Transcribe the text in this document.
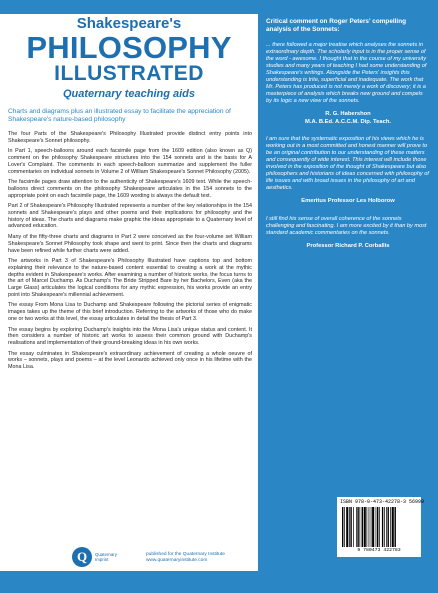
Shakespeare's
PHILOSOPHY
ILLUSTRATED
Quaternary teaching aids
Charts and diagrams plus an illustrated essay to facilitate the appreciation of Shakespeare's nature-based philosophy

The four Parts of the Shakespeare's Philosophy Illustrated provide distinct entry points into Shakespeare's Sonnet philosophy.

In Part 1, speech-balloons around each facsimile page from the 1609 edition (also known as Q) comment on the philosophy Shakespeare structures into the 154 sonnets and is the basis for A Lover's Complaint. The comments in each speech-balloon summarize and supplement the fuller commentaries on individual sonnets in Volume 2 of William Shakespeare's Sonnet Philosophy (2005).

The facsimile pages draw attention to the authenticity of Shakespeare's 1609 text. While the speech-balloons direct comments on the philosophy Shakespeare articulates in the 154 sonnets to the appropriate point on each facsimile page, the 1609 wording is always the default text.

Part 2 of Shakespeare's Philosophy Illustrated represents a number of the key relationships in the 154 sonnets and Shakespeare's plays and other poems and their implications for philosophy and the history of ideas. The charts and diagrams make graphic the ideas appropriate to a Quaternary level of advanced education.

Many of the fifty-three charts and diagrams in Part 2 were conceived as the four-volume set William Shakespeare's Sonnet Philosophy took shape and went to print. Since then the charts and diagrams have been refined while further charts were added.

The artworks in Part 3 of Shakespeare's Philosophy Illustrated have captions top and bottom explaining their relevance to the nature-based content essential to creating a work at the mythic depths evident in Shakespeare's works. After examining a number of historic works, the focus turns to the art of Marcel Duchamp. As Duchamp's The Bride Stripped Bare by her Bachelors, Even (aka the Large Glass) articulates the logical conditions for any mythic expression, his works provide an entry point into Shakespeare's millennial achievement.

The essay From Mona Lisa to Duchamp and Shakespeare following the pictorial series of enigmatic images takes up the theme of this brief introduction. Referring to the artworks of those who do make one or two works at this level, the essay articulates in detail the thesis of Part 3.

The essay begins by exploring Duchamp's insights into the Mona Lisa's unique status and content. It then considers a number of historic art works to assess their common ground with Duchamp's realisations and implementation of their ground-breaking ideas in his own works.

The essay culminates in Shakespeare's extraordinary achievement of creating a whole oeuvre of works – sonnets, plays and poems – at the level Leonardo achieved only once in his lifetime with the Mona Lisa.

Q	Quaternary Imprint
published for the Quaternary Institute
www.quaternaryinstitute.com

Critical comment on Roger Peters' compelling analysis of the Sonnets:

... there followed a major treatise which analyses the sonnets in extraordinary depth. The scholarly input is in the proper sense of the word - awesome. I thought that in the course of my university studies and many years of teaching I had some understanding of Shakespeare's writings. Alongside the Peters' insights this understanding is trite, superficial and inadequate. The work that Mr. Peters has produced is not merely a work of discovery; it is a masterpiece of analysis which breaks new ground and compels by its logic a new view of the sonnets.

R. G. Habershon
M.A. B.Ed. A.C.C.M. Dip. Teach.

I am sure that the systematic exposition of his views which he is working out in a most committed and honest manner will prove to be an original contribution to our understanding of these matters and consequently of wide interest. This interest will include those involved in the exposition of the thought of Shakespeare but also philosophers and historians of ideas concerned with philosophy of life issues and with broad issues in the philosophy of art and aesthetics.

Emeritus Professor Les Holborow

I still find his sense of overall coherence of the sonnets challenging and fascinating. I am more excited by it than by most standard academic commentaries on the sonnets.

Professor Richard P. Corballis
ISBN 978-0-473-42278-3 56999
9 780473 422783
